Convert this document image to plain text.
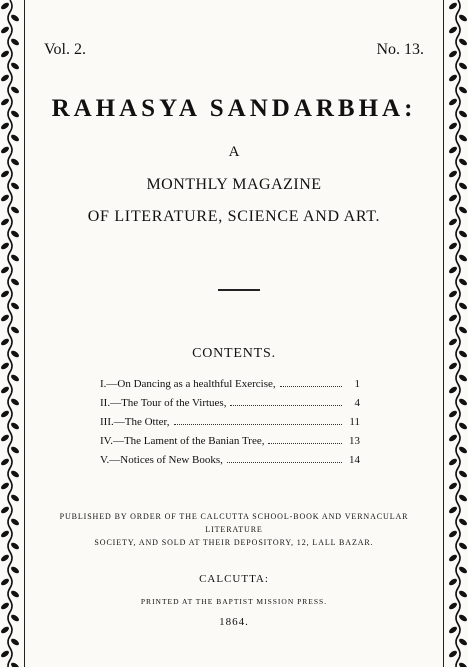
Vol. 2.	No. 13.
RAHASYA SANDARBHA:
A
MONTHLY MAGAZINE
OF LITERATURE, SCIENCE AND ART.
CONTENTS.
I.—On Dancing as a healthful Exercise,	1
II.—The Tour of the Virtues,	4
III.—The Otter,	11
IV.—The Lament of the Banian Tree,	13
V.—Notices of New Books,	14
PUBLISHED BY ORDER OF THE CALCUTTA SCHOOL-BOOK AND VERNACULAR LITERATURE
SOCIETY, AND SOLD AT THEIR DEPOSITORY, 12, LALL BAZAR.
CALCUTTA:
PRINTED AT THE BAPTIST MISSION PRESS.
1864.
